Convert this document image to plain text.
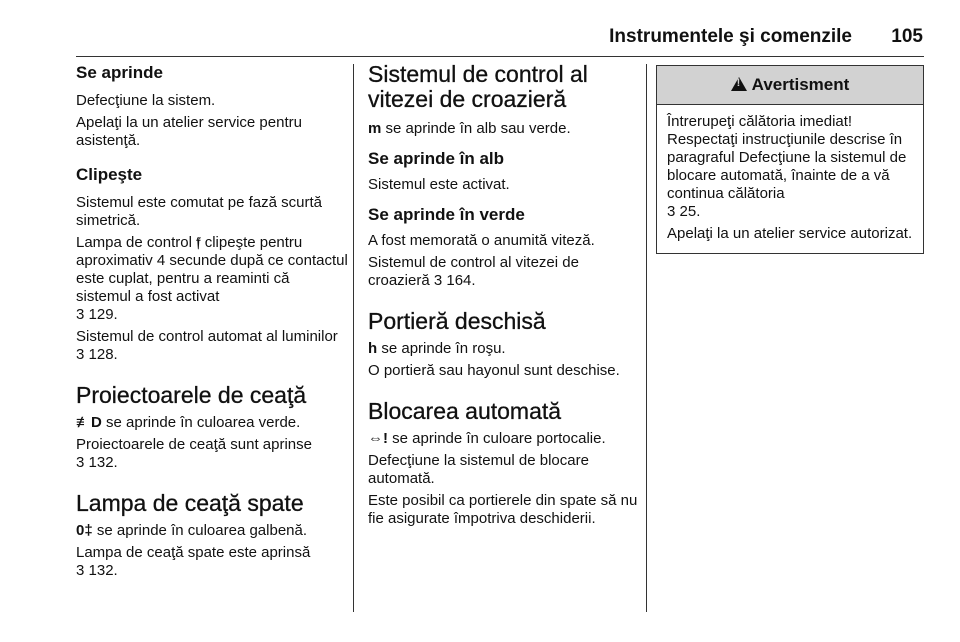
Instrumentele şi comenzile 105
Se aprinde

Defecţiune la sistem.

Apelaţi la un atelier service pentru asistenţă.

Clipeşte

Sistemul este comutat pe fază scurtă simetrică.

Lampa de control 𝔣 clipeşte pentru aproximativ 4 secunde după ce contactul este cuplat, pentru a reaminti că sistemul a fost activat
3 129.

Sistemul de control automat al luminilor 3 128.

Proiectoarele de ceaţă

≢D se aprinde în culoarea verde.

Proiectoarele de ceaţă sunt aprinse
3 132.

Lampa de ceaţă spate

0‡ se aprinde în culoarea galbenă.

Lampa de ceaţă spate este aprinsă
3 132.

Sistemul de control al vitezei de croazieră

m se aprinde în alb sau verde.

Se aprinde în alb

Sistemul este activat.

Se aprinde în verde

A fost memorată o anumită viteză.

Sistemul de control al vitezei de croazieră 3 164.

Portieră deschisă

h se aprinde în roşu.

O portieră sau hayonul sunt deschise.

Blocarea automată

⇔! se aprinde în culoare portocalie.

Defecţiune la sistemul de blocare automată.

Este posibil ca portierele din spate să nu fie asigurate împotriva deschiderii.

!
Avertisment

Întrerupeţi călătoria imediat! Respectaţi instrucţiunile descrise în paragraful Defecţiune la sistemul de blocare automată, înainte de a vă continua călătoria
3 25.

Apelaţi la un atelier service autorizat.
